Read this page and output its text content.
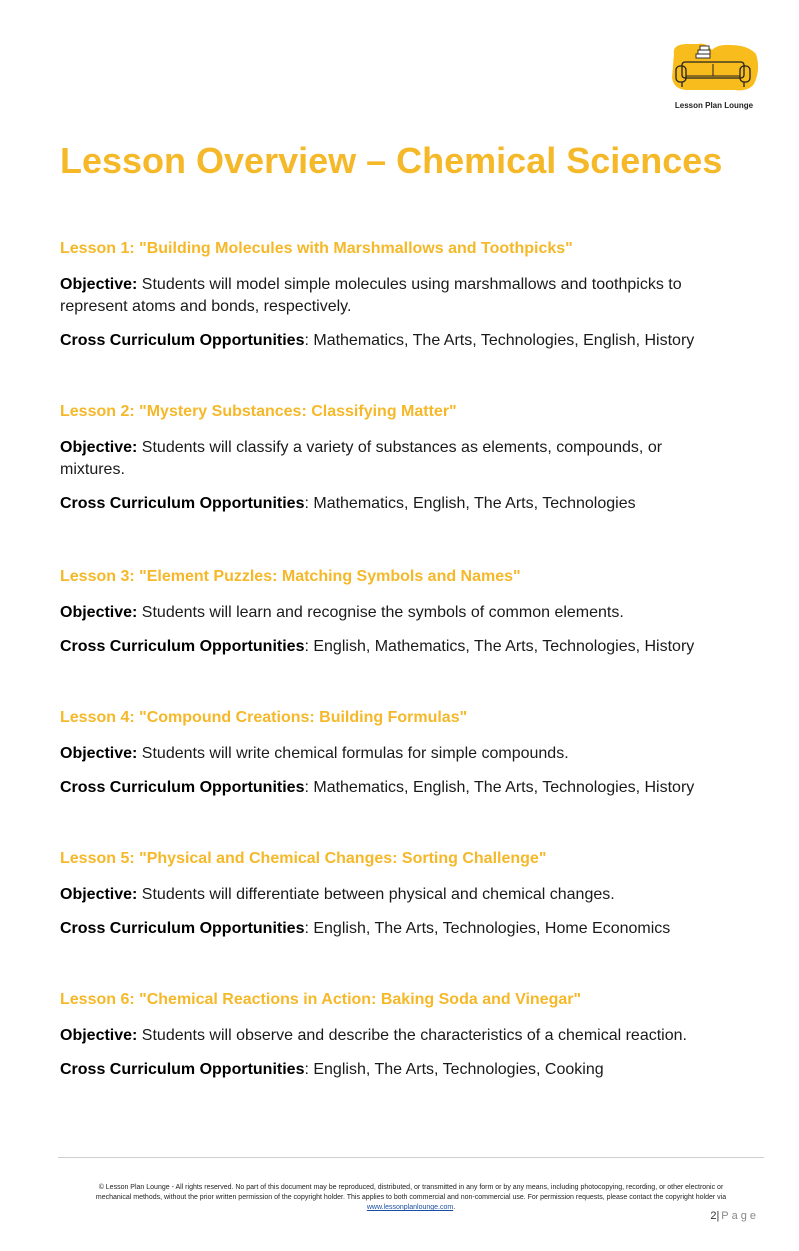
Lesson Plan Lounge
Lesson Overview – Chemical Sciences
Lesson 1: "Building Molecules with Marshmallows and Toothpicks"

Objective: Students will model simple molecules using marshmallows and toothpicks to
represent atoms and bonds, respectively.

Cross Curriculum Opportunities: Mathematics, The Arts, Technologies, English, History

Lesson 2: "Mystery Substances: Classifying Matter"

Objective: Students will classify a variety of substances as elements, compounds, or
mixtures.

Cross Curriculum Opportunities: Mathematics, English, The Arts, Technologies

Lesson 3: "Element Puzzles: Matching Symbols and Names"

Objective: Students will learn and recognise the symbols of common elements.

Cross Curriculum Opportunities: English, Mathematics, The Arts, Technologies, History

Lesson 4: "Compound Creations: Building Formulas"

Objective: Students will write chemical formulas for simple compounds.

Cross Curriculum Opportunities: Mathematics, English, The Arts, Technologies, History

Lesson 5: "Physical and Chemical Changes: Sorting Challenge"

Objective: Students will differentiate between physical and chemical changes.

Cross Curriculum Opportunities: English, The Arts, Technologies, Home Economics

Lesson 6: "Chemical Reactions in Action: Baking Soda and Vinegar"

Objective: Students will observe and describe the characteristics of a chemical reaction.

Cross Curriculum Opportunities: English, The Arts, Technologies, Cooking

© Lesson Plan Lounge - All rights reserved. No part of this document may be reproduced, distributed, or transmitted in any form or by any means, including photocopying, recording, or other electronic or
mechanical methods, without the prior written permission of the copyright holder. This applies to both commercial and non-commercial use. For permission requests, please contact the copyright holder via
www.lessonplanlounge.com.
2| Page
